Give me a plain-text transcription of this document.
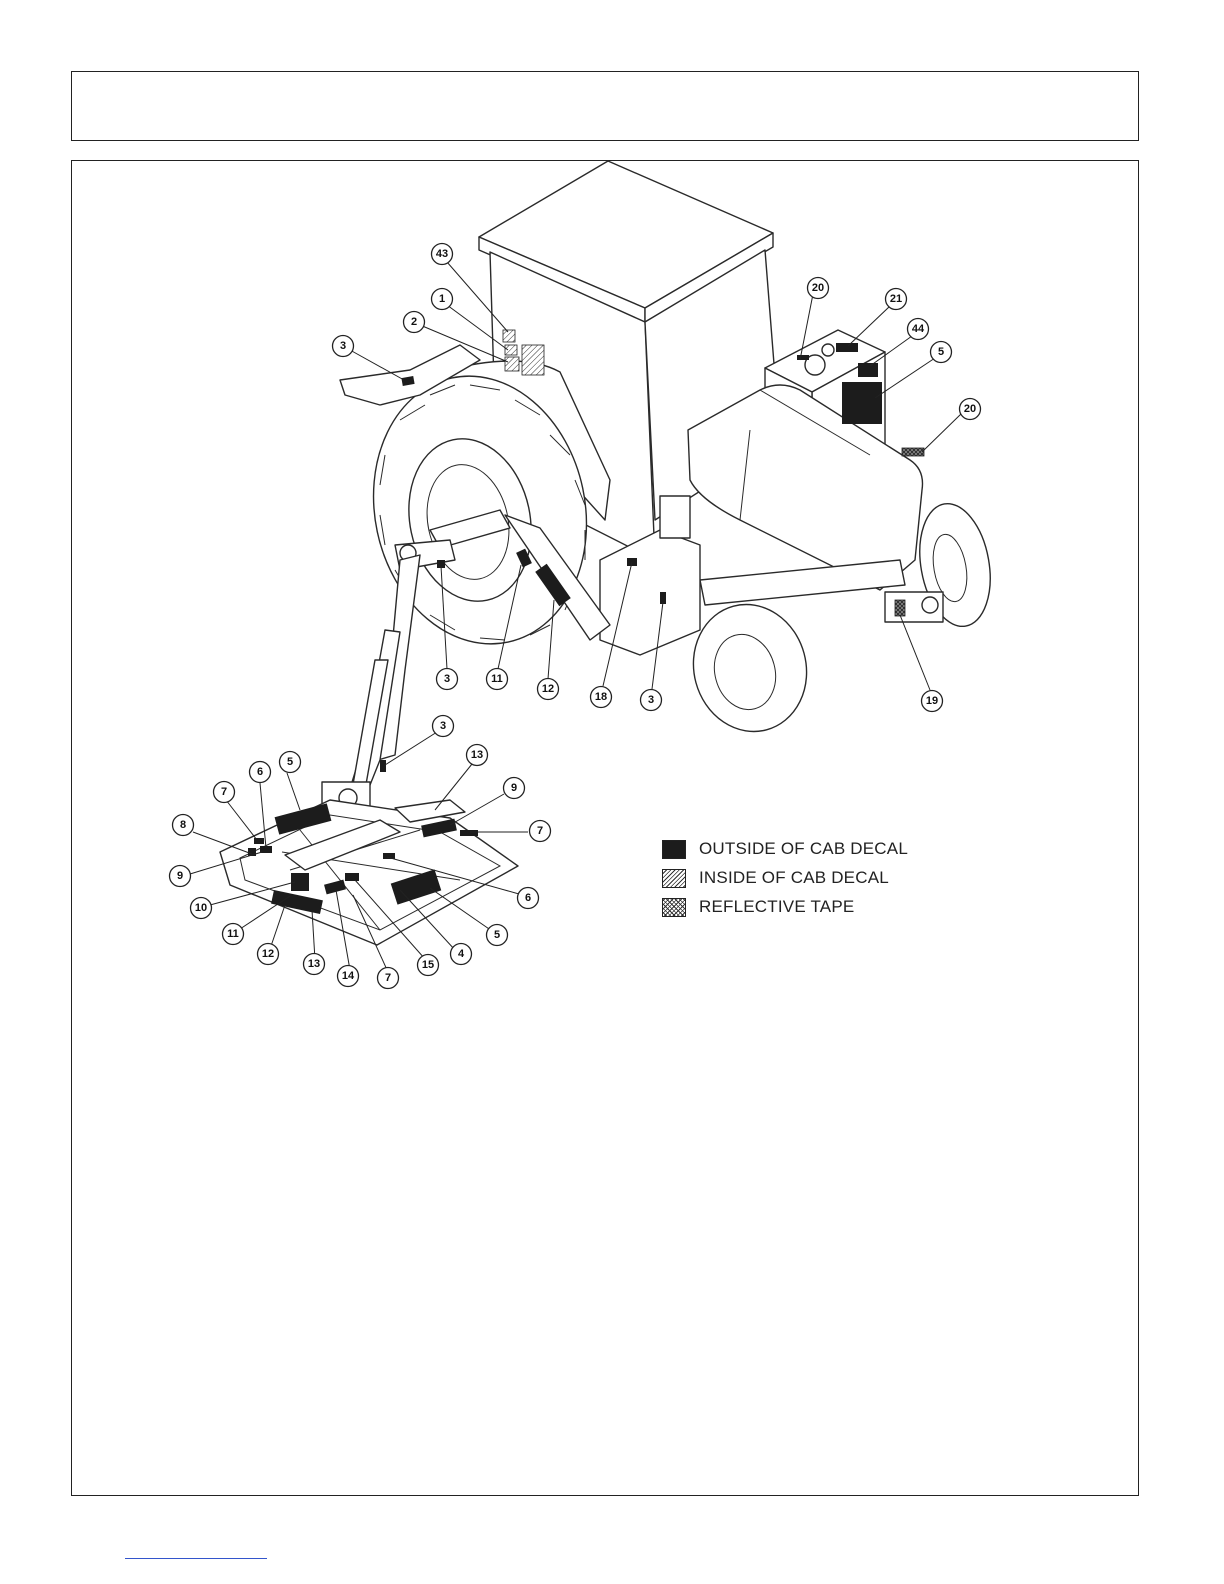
43
1
2
3
20
21
44
5
20
3	11
12
18	3	19
3
13
5
6
7	9
8	7
9
10
6
11	5
12
13
4
14
15
7
OUTSIDE OF CAB DECAL
INSIDE OF CAB DECAL
REFLECTIVE TAPE
